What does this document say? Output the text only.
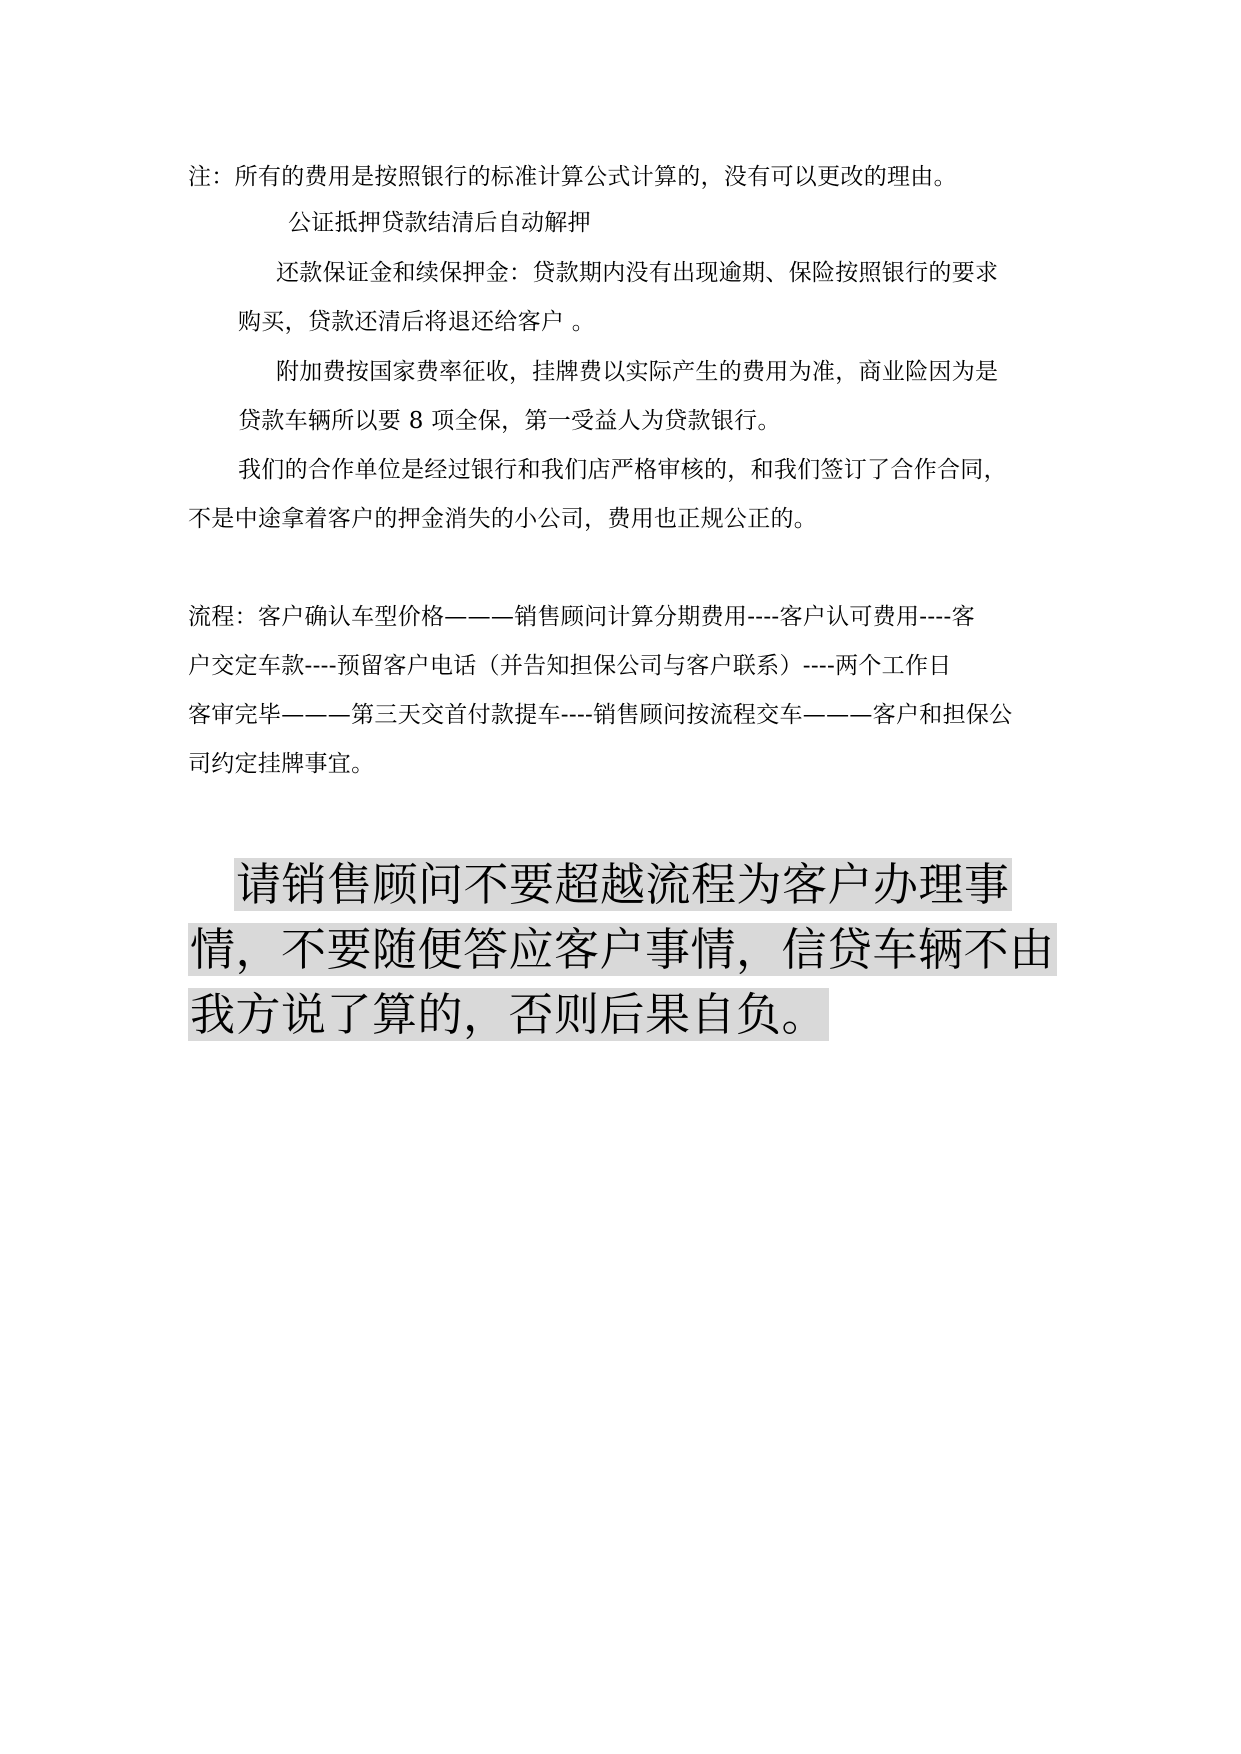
注：所有的费用是按照银行的标准计算公式计算的，没有可以更改的理由。
公证抵押贷款结清后自动解押
还款保证金和续保押金：贷款期内没有出现逾期、保险按照银行的要求
购买，贷款还清后将退还给客户 。
附加费按国家费率征收，挂牌费以实际产生的费用为准，商业险因为是
贷款车辆所以要 8 项全保，第一受益人为贷款银行。
我们的合作单位是经过银行和我们店严格审核的，和我们签订了合作合同，
不是中途拿着客户的押金消失的小公司，费用也正规公正的。
流程：客户确认车型价格———销售顾问计算分期费用----客户认可费用----客
户交定车款----预留客户电话（并告知担保公司与客户联系）----两个工作日
客审完毕———第三天交首付款提车----销售顾问按流程交车———客户和担保公
司约定挂牌事宜。
请销售顾问不要超越流程为客户办理事
情，不要随便答应客户事情，信贷车辆不由
我方说了算的，否则后果自负。
